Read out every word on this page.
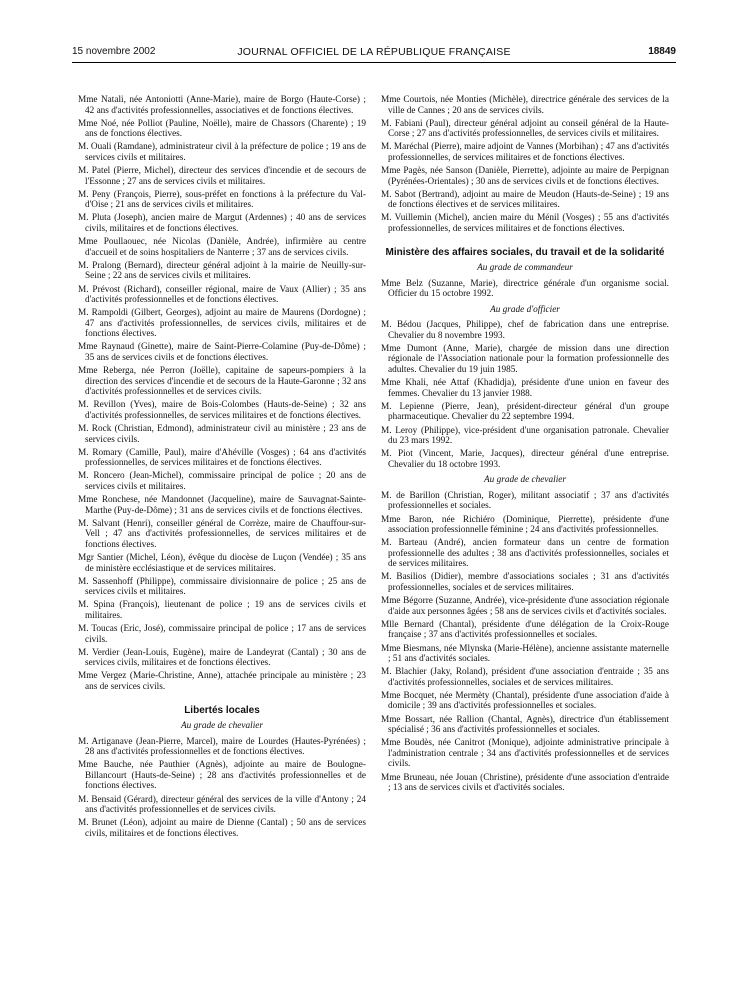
15 novembre 2002	JOURNAL OFFICIEL DE LA RÉPUBLIQUE FRANÇAISE	18849

Mme Natali, née Antoniotti (Anne-Marie), maire de Borgo (Haute-Corse) ; 42 ans d'activités professionnelles, associatives et de fonctions électives.

Mme Noé, née Polliot (Pauline, Noëlle), maire de Chassors (Charente) ; 19 ans de fonctions électives.

M. Ouali (Ramdane), administrateur civil à la préfecture de police ; 19 ans de services civils et militaires.

M. Patel (Pierre, Michel), directeur des services d'incendie et de secours de l'Essonne ; 27 ans de services civils et militaires.

M. Peny (François, Pierre), sous-préfet en fonctions à la préfecture du Val-d'Oise ; 21 ans de services civils et militaires.

M. Pluta (Joseph), ancien maire de Margut (Ardennes) ; 40 ans de services civils, militaires et de fonctions électives.

Mme Poullaouec, née Nicolas (Danièle, Andrée), infirmière au centre d'accueil et de soins hospitaliers de Nanterre ; 37 ans de services civils.

M. Pralong (Bernard), directeur général adjoint à la mairie de Neuilly-sur-Seine ; 22 ans de services civils et militaires.

M. Prévost (Richard), conseiller régional, maire de Vaux (Allier) ; 35 ans d'activités professionnelles et de fonctions électives.

M. Rampoldi (Gilbert, Georges), adjoint au maire de Maurens (Dordogne) ; 47 ans d'activités professionnelles, de services civils, militaires et de fonctions électives.

Mme Raynaud (Ginette), maire de Saint-Pierre-Colamine (Puy-de-Dôme) ; 35 ans de services civils et de fonctions électives.

Mme Reberga, née Perron (Joëlle), capitaine de sapeurs-pompiers à la direction des services d'incendie et de secours de la Haute-Garonne ; 32 ans d'activités professionnelles et de services civils.

M. Revillon (Yves), maire de Bois-Colombes (Hauts-de-Seine) ; 32 ans d'activités professionnelles, de services militaires et de fonctions électives.

M. Rock (Christian, Edmond), administrateur civil au ministère ; 23 ans de services civils.

M. Romary (Camille, Paul), maire d'Ahéville (Vosges) ; 64 ans d'activités professionnelles, de services militaires et de fonctions électives.

M. Roncero (Jean-Michel), commissaire principal de police ; 20 ans de services civils et militaires.

Mme Ronchese, née Mandonnet (Jacqueline), maire de Sauvagnat-Sainte-Marthe (Puy-de-Dôme) ; 31 ans de services civils et de fonctions électives.

M. Salvant (Henri), conseiller général de Corrèze, maire de Chauffour-sur-Vell ; 47 ans d'activités professionnelles, de services militaires et de fonctions électives.

Mgr Santier (Michel, Léon), évêque du diocèse de Luçon (Vendée) ; 35 ans de ministère ecclésiastique et de services militaires.

M. Sassenhoff (Philippe), commissaire divisionnaire de police ; 25 ans de services civils et militaires.

M. Spina (François), lieutenant de police ; 19 ans de services civils et militaires.

M. Toucas (Eric, José), commissaire principal de police ; 17 ans de services civils.

M. Verdier (Jean-Louis, Eugène), maire de Landeyrat (Cantal) ; 30 ans de services civils, militaires et de fonctions électives.

Mme Vergez (Marie-Christine, Anne), attachée principale au ministère ; 23 ans de services civils.

Libertés locales

Au grade de chevalier

M. Artiganave (Jean-Pierre, Marcel), maire de Lourdes (Hautes-Pyrénées) ; 28 ans d'activités professionnelles et de fonctions électives.

Mme Bauche, née Pauthier (Agnès), adjointe au maire de Boulogne-Billancourt (Hauts-de-Seine) ; 28 ans d'activités professionnelles et de fonctions électives.

M. Bensaid (Gérard), directeur général des services de la ville d'Antony ; 24 ans d'activités professionnelles et de services civils.

M. Brunet (Léon), adjoint au maire de Dienne (Cantal) ; 50 ans de services civils, militaires et de fonctions électives.

Mme Courtois, née Monties (Michèle), directrice générale des services de la ville de Cannes ; 20 ans de services civils.

M. Fabiani (Paul), directeur général adjoint au conseil général de la Haute-Corse ; 27 ans d'activités professionnelles, de services civils et militaires.

M. Maréchal (Pierre), maire adjoint de Vannes (Morbihan) ; 47 ans d'activités professionnelles, de services militaires et de fonctions électives.

Mme Pagès, née Sanson (Danièle, Pierrette), adjointe au maire de Perpignan (Pyrénées-Orientales) ; 30 ans de services civils et de fonctions électives.

M. Sabot (Bertrand), adjoint au maire de Meudon (Hauts-de-Seine) ; 19 ans de fonctions électives et de services militaires.

M. Vuillemin (Michel), ancien maire du Ménil (Vosges) ; 55 ans d'activités professionnelles, de services militaires et de fonctions électives.

Ministère des affaires sociales, du travail et de la solidarité

Au grade de commandeur

Mme Belz (Suzanne, Marie), directrice générale d'un organisme social. Officier du 15 octobre 1992.

Au grade d'officier

M. Bédou (Jacques, Philippe), chef de fabrication dans une entreprise. Chevalier du 8 novembre 1993.

Mme Dumont (Anne, Marie), chargée de mission dans une direction régionale de l'Association nationale pour la formation professionnelle des adultes. Chevalier du 19 juin 1985.

Mme Khali, née Attaf (Khadidja), présidente d'une union en faveur des femmes. Chevalier du 13 janvier 1988.

M. Lepienne (Pierre, Jean), président-directeur général d'un groupe pharmaceutique. Chevalier du 22 septembre 1994.

M. Leroy (Philippe), vice-président d'une organisation patronale. Chevalier du 23 mars 1992.

M. Piot (Vincent, Marie, Jacques), directeur général d'une entreprise. Chevalier du 18 octobre 1993.

Au grade de chevalier

M. de Barillon (Christian, Roger), militant associatif ; 37 ans d'activités professionnelles et sociales.

Mme Baron, née Richiéro (Dominique, Pierrette), présidente d'une association professionnelle féminine ; 24 ans d'activités professionnelles.

M. Barteau (André), ancien formateur dans un centre de formation professionnelle des adultes ; 38 ans d'activités professionnelles, sociales et de services militaires.

M. Basilios (Didier), membre d'associations sociales ; 31 ans d'activités professionnelles, sociales et de services militaires.

Mme Bégorre (Suzanne, Andrée), vice-présidente d'une association régionale d'aide aux personnes âgées ; 58 ans de services civils et d'activités sociales.

Mlle Bernard (Chantal), présidente d'une délégation de la Croix-Rouge française ; 37 ans d'activités professionnelles et sociales.

Mme Biesmans, née Mlynska (Marie-Hélène), ancienne assistante maternelle ; 51 ans d'activités sociales.

M. Blachier (Jaky, Roland), président d'une association d'entraide ; 35 ans d'activités professionnelles, sociales et de services militaires.

Mme Bocquet, née Mermèty (Chantal), présidente d'une association d'aide à domicile ; 39 ans d'activités professionnelles et sociales.

Mme Bossart, née Rallion (Chantal, Agnès), directrice d'un établissement spécialisé ; 36 ans d'activités professionnelles et sociales.

Mme Boudès, née Canitrot (Monique), adjointe administrative principale à l'administration centrale ; 34 ans d'activités professionnelles et de services civils.

Mme Bruneau, née Jouan (Christine), présidente d'une association d'entraide ; 13 ans de services civils et d'activités sociales.
